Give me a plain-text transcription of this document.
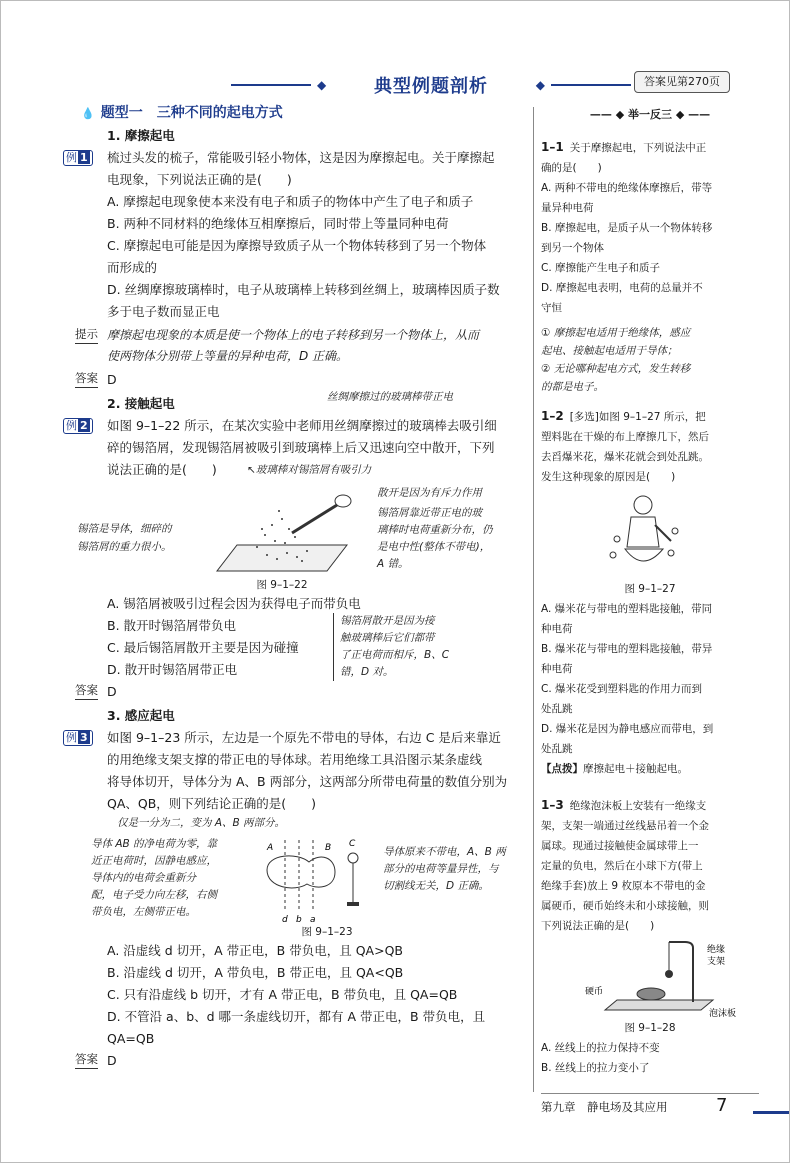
◆	典型例题剖析	◆	答案见第270页
💧 题型一　三种不同的起电方式
1. 摩擦起电
例 1	梳过头发的梳子，常能吸引轻小物体，这是因为摩擦起电。关于摩擦起
电现象，下列说法正确的是(　　)
A. 摩擦起电现象使本来没有电子和质子的物体中产生了电子和质子
B. 两种不同材料的绝缘体互相摩擦后，同时带上等量同种电荷
C. 摩擦起电可能是因为摩擦导致质子从一个物体转移到了另一个物体
而形成的
D. 丝绸摩擦玻璃棒时，电子从玻璃棒上转移到丝绸上，玻璃棒因质子数
多于电子数而显正电
提示 摩擦起电现象的本质是使一个物体上的电子转移到另一个物体上，从而
使两物体分别带上等量的异种电荷，D 正确。
答案 D
丝绸摩擦过的玻璃棒带正电
2. 接触起电
例 2	如图 9–1–22 所示，在某次实验中老师用丝绸摩擦过的玻璃棒去吸引细
碎的锡箔屑，发现锡箔屑被吸引到玻璃棒上后又迅速向空中散开，下列
说法正确的是(　　)	↖玻璃棒对锡箔屑有吸引力
散开是因为有斥力作用
锡箔是导体，细碎的
锡箔屑的重力很小。
锡箔屑靠近带正电的玻
璃棒时电荷重新分布，仍
是电中性(整体不带电)，
A 错。
图 9–1–22
A. 锡箔屑被吸引过程会因为获得电子而带负电
B. 散开时锡箔屑带负电
C. 最后锡箔屑散开主要是因为碰撞
D. 散开时锡箔屑带正电
锡箔屑散开是因为接
触玻璃棒后它们都带
了正电荷而相斥，B、C
错，D 对。
答案 D
3. 感应起电
例 3	如图 9–1–23 所示，左边是一个原先不带电的导体，右边 C 是后来靠近
的用绝缘支架支撑的带正电的导体球。若用绝缘工具沿图示某条虚线
将导体切开，导体分为 A、B 两部分，这两部分所带电荷量的数值分别为
QA、QB，则下列结论正确的是(　　)
仅是一分为二，变为 A、B 两部分。
导体 AB 的净电荷为零，靠
近正电荷时，因静电感应，
导体内的电荷会重新分
配，电子受力向左移，右侧
带负电，左侧带正电。
A	B C
d b a
导体原来不带电，A、B 两
部分的电荷等量异性，与
切割线无关，D 正确。
图 9–1–23
A. 沿虚线 d 切开，A 带正电，B 带负电，且 QA>QB
B. 沿虚线 d 切开，A 带负电，B 带正电，且 QA<QB
C. 只有沿虚线 b 切开，才有 A 带正电，B 带负电，且 QA=QB
D. 不管沿 a、b、d 哪一条虚线切开，都有 A 带正电，B 带负电，且 QA=QB
答案 D
—— ◆ 举一反三 ◆ ——
1–1 关于摩擦起电，下列说法中正
确的是(　　)
A. 两种不带电的绝缘体摩擦后，带等
量异种电荷
B. 摩擦起电，是质子从一个物体转移
到另一个物体
C. 摩擦能产生电子和质子
D. 摩擦起电表明，电荷的总量并不
守恒
① 摩擦起电适用于绝缘体，感应
起电、接触起电适用于导体；
② 无论哪种起电方式，发生转移
的都是电子。
1–2 [多选]如图 9–1–27 所示，把
塑料匙在干燥的布上摩擦几下，然后
去舀爆米花，爆米花就会到处乱跳。
发生这种现象的原因是(　　)
图 9–1–27
A. 爆米花与带电的塑料匙接触，带同
种电荷
B. 爆米花与带电的塑料匙接触，带异
种电荷
C. 爆米花受到塑料匙的作用力而到
处乱跳
D. 爆米花是因为静电感应而带电，到
处乱跳
【点拨】摩擦起电＋接触起电。
1–3 绝缘泡沫板上安装有一绝缘支
架，支架一端通过丝线悬吊着一个金
属球。现通过接触使金属球带上一
定量的负电，然后在小球下方(带上
绝缘手套)放上 9 枚原本不带电的金
属硬币，硬币始终未和小球接触，则
下列说法正确的是(　　)
绝缘
支架
硬币
泡沫板
图 9–1–28
A. 丝线上的拉力保持不变
B. 丝线上的拉力变小了
第九章　静电场及其应用	7
